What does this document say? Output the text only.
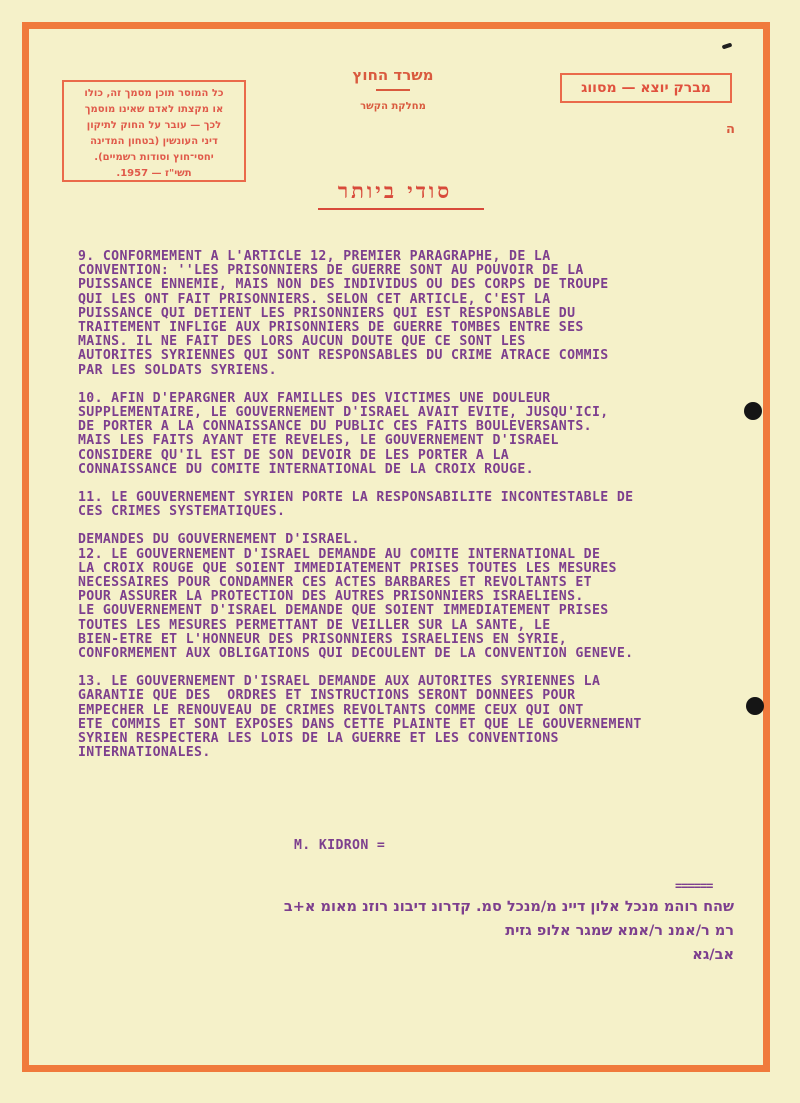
כל המוסר תוכן מסמך זה, כולו
או מקצתו לאדם שאינו מוסמך
לכך — עובר על החוק לתיקון
דיני העונשין (בטחון המדינה
יחסי־חוץ וסודות רשמיים).
תשי"ז — 1957.
משרד החוץ
מחלקת הקשר
מברק יוצא — מסווג
ה
סודי ביותר
9. CONFORMEMENT A L'ARTICLE 12, PREMIER PARAGRAPHE, DE LA
CONVENTION: ''LES PRISONNIERS DE GUERRE SONT AU POUVOIR DE LA
PUISSANCE ENNEMIE, MAIS NON DES INDIVIDUS OU DES CORPS DE TROUPE
QUI LES ONT FAIT PRISONNIERS. SELON CET ARTICLE, C'EST LA
PUISSANCE QUI DETIENT LES PRISONNIERS QUI EST RESPONSABLE DU
TRAITEMENT INFLIGE AUX PRISONNIERS DE GUERRE TOMBES ENTRE SES
MAINS. IL NE FAIT DES LORS AUCUN DOUTE QUE CE SONT LES
AUTORITES SYRIENNES QUI SONT RESPONSABLES DU CRIME ATRACE COMMIS
PAR LES SOLDATS SYRIENS.
10. AFIN D'EPARGNER AUX FAMILLES DES VICTIMES UNE DOULEUR
SUPPLEMENTAIRE, LE GOUVERNEMENT D'ISRAEL AVAIT EVITE, JUSQU'ICI,
DE PORTER A LA CONNAISSANCE DU PUBLIC CES FAITS BOULEVERSANTS.
MAIS LES FAITS AYANT ETE REVELES, LE GOUVERNEMENT D'ISRAEL
CONSIDERE QU'IL EST DE SON DEVOIR DE LES PORTER A LA
CONNAISSANCE DU COMITE INTERNATIONAL DE LA CROIX ROUGE.
11. LE GOUVERNEMENT SYRIEN PORTE LA RESPONSABILITE INCONTESTABLE DE
CES CRIMES SYSTEMATIQUES.
DEMANDES DU GOUVERNEMENT D'ISRAEL.
12. LE GOUVERNEMENT D'ISRAEL DEMANDE AU COMITE INTERNATIONAL DE
LA CROIX ROUGE QUE SOIENT IMMEDIATEMENT PRISES TOUTES LES MESURES
NECESSAIRES POUR CONDAMNER CES ACTES BARBARES ET REVOLTANTS ET
POUR ASSURER LA PROTECTION DES AUTRES PRISONNIERS ISRAELIENS.
LE GOUVERNEMENT D'ISRAEL DEMANDE QUE SOIENT IMMEDIATEMENT PRISES
TOUTES LES MESURES PERMETTANT DE VEILLER SUR LA SANTE, LE
BIEN-ETRE ET L'HONNEUR DES PRISONNIERS ISRAELIENS EN SYRIE,
CONFORMEMENT AUX OBLIGATIONS QUI DECOULENT DE LA CONVENTION GENEVE.
13. LE GOUVERNEMENT D'ISRAEL DEMANDE AUX AUTORITES SYRIENNES LA
GARANTIE QUE DES  ORDRES ET INSTRUCTIONS SERONT DONNEES POUR
EMPECHER LE RENOUVEAU DE CRIMES REVOLTANTS COMME CEUX QUI ONT
ETE COMMIS ET SONT EXPOSES DANS CETTE PLAINTE ET QUE LE GOUVERNEMENT
SYRIEN RESPECTERA LES LOIS DE LA GUERRE ET LES CONVENTIONS
INTERNATIONALES.
M. KIDRON =
======
שהח רוהמ מנכל אלון דיינ מ/מנכל סמ. קדרונ דיבונ רוזנ מאומ א+ב
רמ ר/אמנ ר/אמא שמגר אלופ גזית
אב/גא
